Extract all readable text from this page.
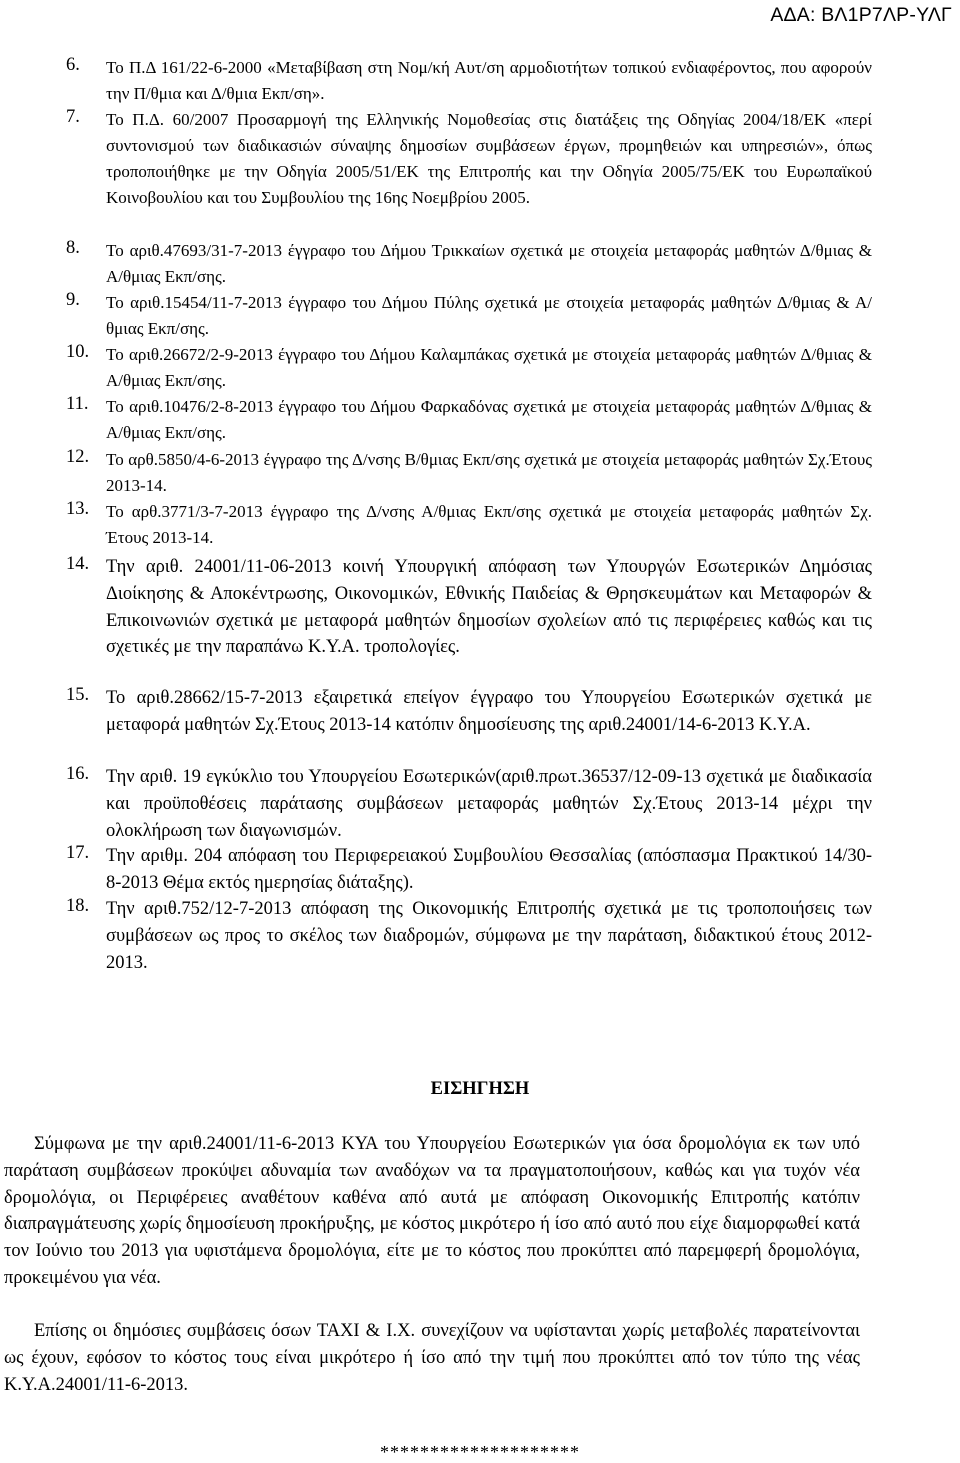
ΑΔΑ: ΒΛ1Ρ7ΛΡ-ΥΛΓ
6.	Το Π.Δ 161/22-6-2000 «Μεταβίβαση στη Νομ/κή Αυτ/ση αρμοδιοτήτων τοπικού ενδιαφέροντος, που αφορούν την Π/θμια και Δ/θμια Εκπ/ση».
7.	Το Π.Δ. 60/2007 Προσαρμογή της Ελληνικής Νομοθεσίας στις διατάξεις της Οδηγίας 2004/18/ΕΚ «περί συντονισμού των διαδικασιών σύναψης δημοσίων συμβάσεων έργων, προμηθειών και υπηρεσιών», όπως τροποποιήθηκε με την Οδηγία 2005/51/ΕΚ της Επιτροπής και την Οδηγία 2005/75/ΕΚ του Ευρωπαϊκού Κοινοβουλίου και του Συμβουλίου της 16ης Νοεμβρίου 2005.
8.	Το αριθ.47693/31-7-2013 έγγραφο του Δήμου Τρικκαίων σχετικά με στοιχεία μεταφοράς μαθητών Δ/θμιας & Α/θμιας Εκπ/σης.
9.	Το αριθ.15454/11-7-2013 έγγραφο του Δήμου Πύλης σχετικά με στοιχεία μεταφοράς μαθητών Δ/θμιας & Α/θμιας Εκπ/σης.
10. Το αριθ.26672/2-9-2013 έγγραφο του Δήμου Καλαμπάκας σχετικά με στοιχεία μεταφοράς μαθητών Δ/θμιας & Α/θμιας Εκπ/σης.
11.	Το αριθ.10476/2-8-2013 έγγραφο του Δήμου Φαρκαδόνας σχετικά με στοιχεία μεταφοράς μαθητών Δ/θμιας & Α/θμιας Εκπ/σης.
12. Το αρθ.5850/4-6-2013 έγγραφο της Δ/νσης Β/θμιας Εκπ/σης σχετικά με στοιχεία μεταφοράς μαθητών Σχ.Έτους 2013-14.
13. Το αρθ.3771/3-7-2013 έγγραφο της Δ/νσης Α/θμιας Εκπ/σης σχετικά με στοιχεία μεταφοράς μαθητών Σχ. Έτους 2013-14.
14. Την αριθ. 24001/11-06-2013 κοινή Υπουργική απόφαση των Υπουργών Εσωτερικών Δημόσιας Διοίκησης & Αποκέντρωσης, Οικονομικών, Εθνικής Παιδείας & Θρησκευμάτων και Μεταφορών & Επικοινωνιών σχετικά με μεταφορά μαθητών δημοσίων σχολείων από τις περιφέρειες καθώς και τις σχετικές με την παραπάνω Κ.Υ.Α. τροπολογίες.
15. Το αριθ.28662/15-7-2013 εξαιρετικά επείγον έγγραφο του Υπουργείου Εσωτερικών σχετικά με μεταφορά μαθητών Σχ.Έτους 2013-14 κατόπιν δημοσίευσης της αριθ.24001/14-6-2013 Κ.Υ.Α.
16. Την αριθ. 19 εγκύκλιο του Υπουργείου Εσωτερικών(αριθ.πρωτ.36537/12-09-13 σχετικά με διαδικασία και προϋποθέσεις παράτασης συμβάσεων μεταφοράς μαθητών Σχ.Έτους 2013-14 μέχρι την ολοκλήρωση των διαγωνισμών.
17. Την αριθμ. 204 απόφαση του Περιφερειακού Συμβουλίου Θεσσαλίας (απόσπασμα Πρακτικού 14/30-8-2013 Θέμα εκτός ημερησίας διάταξης).
18. Την αριθ.752/12-7-2013 απόφαση της Οικονομικής Επιτροπής σχετικά με τις τροποποιήσεις των συμβάσεων ως προς το σκέλος των διαδρομών, σύμφωνα με την παράταση, διδακτικού έτους 2012-2013.
ΕΙΣΗΓΗΣΗ
Σύμφωνα με την αριθ.24001/11-6-2013 ΚΥΑ του Υπουργείου Εσωτερικών για όσα δρομολόγια εκ των υπό παράταση συμβάσεων προκύψει αδυναμία των αναδόχων να τα πραγματοποιήσουν, καθώς και για τυχόν νέα δρομολόγια, οι Περιφέρειες αναθέτουν καθένα από αυτά με απόφαση Οικονομικής Επιτροπής κατόπιν διαπραγμάτευσης χωρίς δημοσίευση προκήρυξης, με κόστος μικρότερο ή ίσο από αυτό που είχε διαμορφωθεί κατά τον Ιούνιο του 2013 για υφιστάμενα δρομολόγια, είτε με το κόστος που προκύπτει από παρεμφερή δρομολόγια, προκειμένου για νέα.
Επίσης οι δημόσιες συμβάσεις όσων ΤΑΧΙ & Ι.Χ. συνεχίζουν να υφίστανται χωρίς μεταβολές παρατείνονται ως έχουν, εφόσον το κόστος τους είναι μικρότερο ή ίσο από την τιμή που προκύπτει από τον τύπο της νέας Κ.Υ.Α.24001/11-6-2013.
********************
